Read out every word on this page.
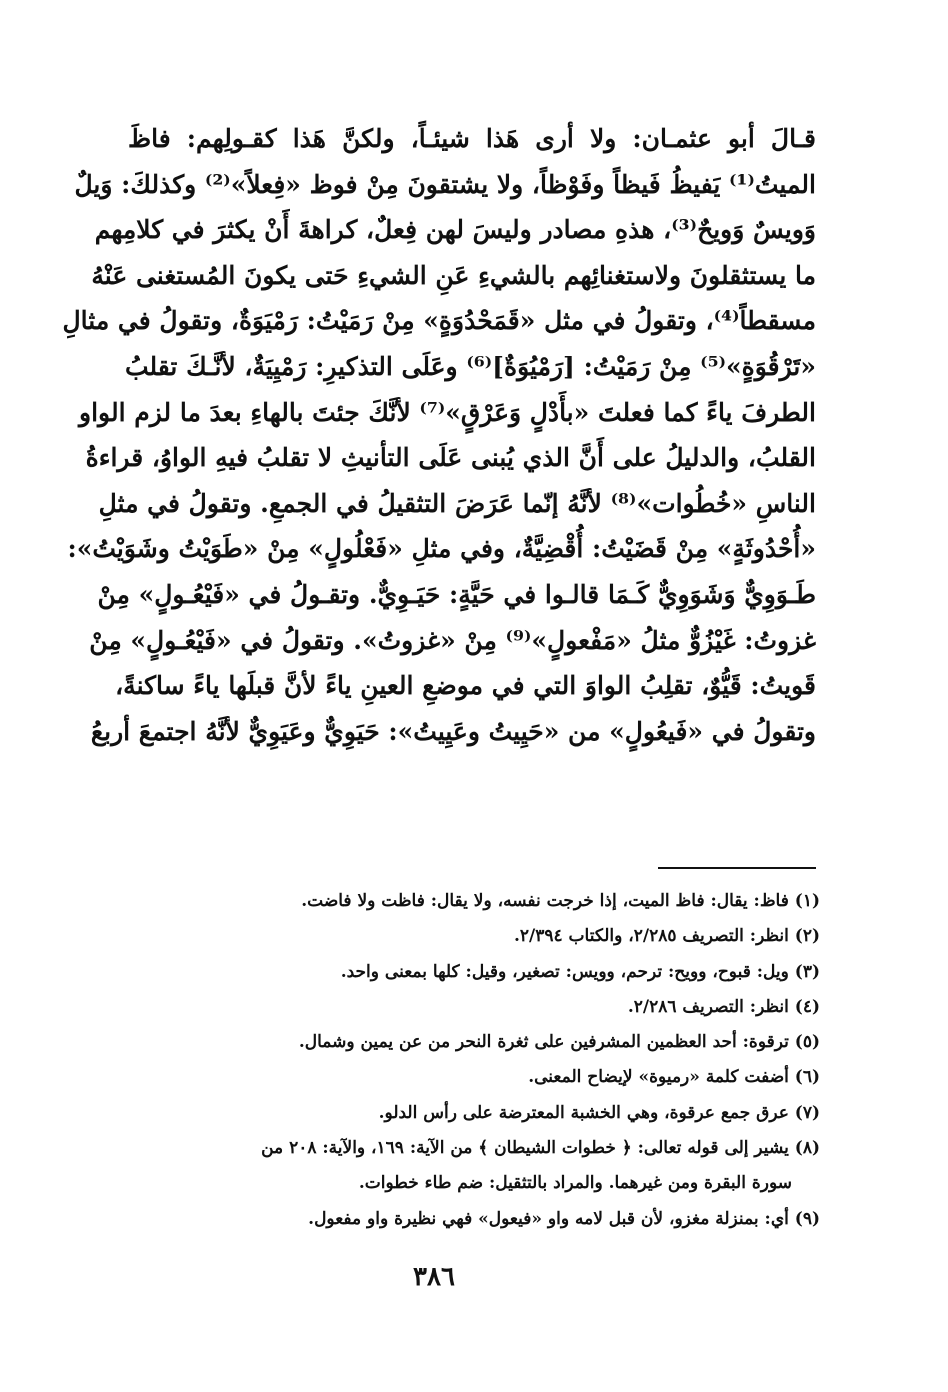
قـالَ أبو عثمـان: ولا أرى هَذا شيئـاً، ولكنَّ هَذا كقـولِهم: فاظَ
الميتُ⁽¹⁾ يَفيظُ فَيظاً وفَوْظاً، ولا يشتقونَ مِنْ فوظ «فِعلاً»⁽²⁾ وكذلكَ: وَيلٌ
وَويسٌ وَويحٌ⁽³⁾، هذهِ مصادر وليسَ لهن فِعلٌ، كراهةَ أَنْ يكثرَ في كلامِهم
ما يستثقلونَ ولاستغنائِهم بالشيءِ عَنِ الشيءِ حَتى يكونَ المُستغنى عَنْهُ
مسقطاً⁽⁴⁾، وتقولُ في مثل «قَمَحْدُوَةٍ» مِنْ رَمَيْتُ: رَمْيَوَةٌ، وتقولُ في مثالِ
«تَرْقُوَةٍ»⁽⁵⁾ مِنْ رَمَيْتُ: [رَمْيُوَةٌ]⁽⁶⁾ وعَلَى التذكيرِ: رَمْيِيَةٌ، لأنَّـكَ تقلبُ
الطرفَ ياءً كما فعلتَ «بأَدْلٍ وَعَرْقٍ»⁽⁷⁾ لأنَّكَ جئتَ بالهاءِ بعدَ ما لزم الواو
القلبُ، والدليلُ على أَنَّ الذي يُبنى عَلَى التأنيثِ لا تقلبُ فيهِ الواوُ، قراءةُ
الناسِ «خُطُوات»⁽⁸⁾ لأنَّهُ إنّما عَرَضَ التثقيلُ في الجمعِ. وتقولُ في مثلِ
«أُحْدُوثَةٍ» مِنْ قَضَيْتُ: أُقْضِيَّةٌ، وفي مثلِ «فَعْلُولٍ» مِنْ «طَوَيْتُ وشَوَيْتُ»:
طَـوَوِيٌّ وَشَوَوِيٌّ كَـمَا قالـوا في حَيَّةٍ: حَيَـوِيٌّ. وتقـولُ في «فَيْعُـولٍ» مِنْ
غزوتُ: غَيْزُوٌّ مثلُ «مَفْعولٍ»⁽⁹⁾ مِنْ «غزوتُ». وتقولُ في «فَيْعُـولٍ» مِنْ
قَويتُ: قَيُّوٌ، تقلِبُ الواوَ التي في موضعِ العينِ ياءً لأنَّ قبلَها ياءً ساكنةً،
وتقولُ في «فَيعُولٍ» من «حَيِيتُ وعَيِيتُ»: حَيَوِيٌّ وعَيَوِيٌّ لأنَّهُ اجتمعَ أربعُ
(١) فاظ: يقال: فاظ الميت، إذا خرجت نفسه، ولا يقال: فاظت ولا فاضت.
(٢) انظر: التصريف ٢/٢٨٥، والكتاب ٢/٣٩٤.
(٣) ويل: قبوح، وويح: ترحم، وويس: تصغير، وقيل: كلها بمعنى واحد.
(٤) انظر: التصريف ٢/٢٨٦.
(٥) ترقوة: أحد العظمين المشرفين على ثغرة النحر من عن يمين وشمال.
(٦) أضفت كلمة «رميوة» لإيضاح المعنى.
(٧) عرق جمع عرقوة، وهي الخشبة المعترضة على رأس الدلو.
(٨) يشير إلى قوله تعالى: ﴿ خطوات الشيطان ﴾ من الآية: ١٦٩، والآية: ٢٠٨ من
سورة البقرة ومن غيرهما. والمراد بالتثقيل: ضم طاء خطوات.
(٩) أي: بمنزلة مغزو، لأن قبل لامه واو «فيعول» فهي نظيرة واو مفعول.
٣٨٦
